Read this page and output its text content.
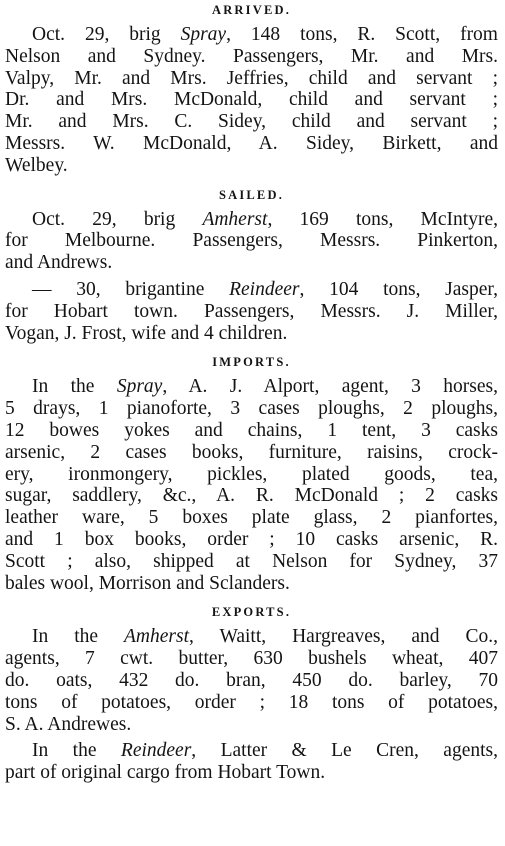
ARRIVED.

Oct. 29, brig Spray, 148 tons, R. Scott, from
Nelson and Sydney. Passengers, Mr. and Mrs.
Valpy, Mr. and Mrs. Jeffries, child and servant ;
Dr. and Mrs. McDonald, child and servant ;
Mr. and Mrs. C. Sidey, child and servant ;
Messrs. W. McDonald, A. Sidey, Birkett, and
Welbey.

SAILED.

Oct. 29, brig Amherst, 169 tons, McIntyre,
for Melbourne. Passengers, Messrs. Pinkerton,
and Andrews.

— 30, brigantine Reindeer, 104 tons, Jasper,
for Hobart town. Passengers, Messrs. J. Miller,
Vogan, J. Frost, wife and 4 children.

IMPORTS.

In the Spray, A. J. Alport, agent, 3 horses,
5 drays, 1 pianoforte, 3 cases ploughs, 2 ploughs,
12 bowes yokes and chains, 1 tent, 3 casks
arsenic, 2 cases books, furniture, raisins, crock-
ery, ironmongery, pickles, plated goods, tea,
sugar, saddlery, &c., A. R. McDonald ; 2 casks
leather ware, 5 boxes plate glass, 2 pianfortes,
and 1 box books, order ; 10 casks arsenic, R.
Scott ; also, shipped at Nelson for Sydney, 37
bales wool, Morrison and Sclanders.

EXPORTS.

In the Amherst, Waitt, Hargreaves, and Co.,
agents, 7 cwt. butter, 630 bushels wheat, 407
do. oats, 432 do. bran, 450 do. barley, 70
tons of potatoes, order ; 18 tons of potatoes,
S. A. Andrewes.

In the Reindeer, Latter & Le Cren, agents,
part of original cargo from Hobart Town.
